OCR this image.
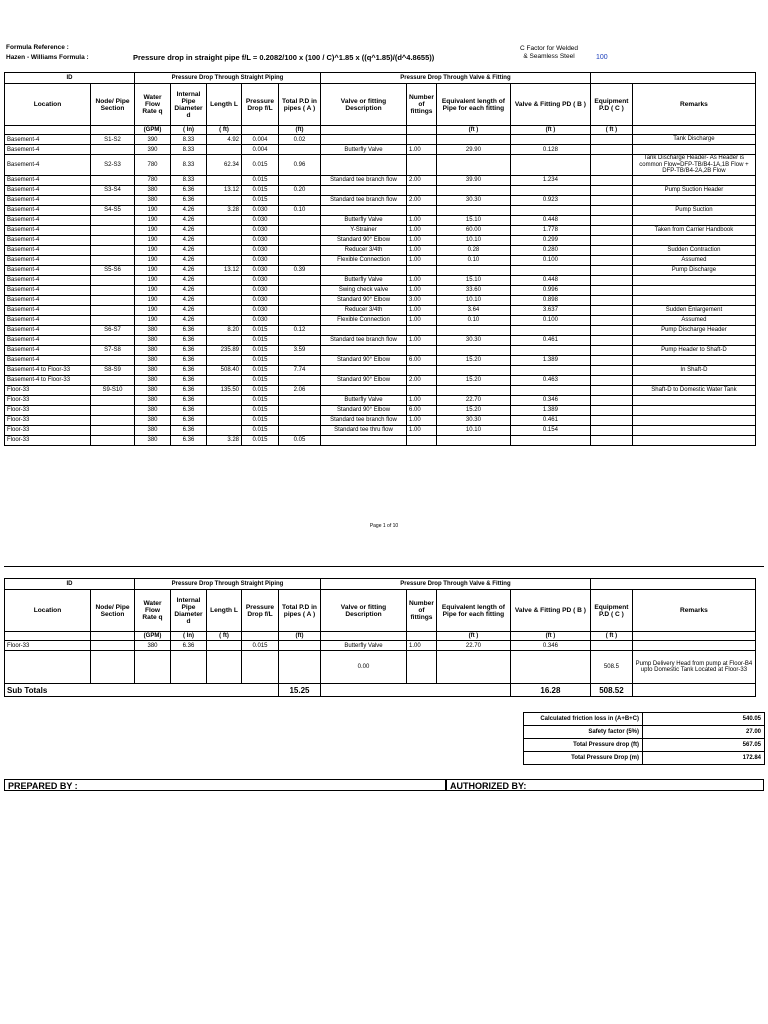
Formula Reference :
Hazen - Williams Formula :	Pressure drop in straight pipe f/L = 0.2082/100 x (100 / C)^1.85 x ((q^1.85)/(d^4.8655))
C Factor for Welded
& Seamless Steel	100
ID		Pressure Drop Through Straight Piping					Pressure Drop Through Valve & Fitting					
Location	Node/ Pipe Section	Water Flow Rate q	Internal Pipe Diameter d	Length L	Pressure Drop f/L	Total P.D in pipes ( A )	Valve or fitting Description	Number of fittings	Equivalent length of Pipe for each fitting	Valve & Fitting PD ( B )	Equipment P.D ( C )	Remarks
		(GPM)	( In)	( ft)		(ft)			(ft )	(ft )	( ft )	
Basement-4	S1-S2	390	8.33	4.92	0.004	0.02						Tank Discharge
Basement-4		390	8.33		0.004		Butterfly Valve	1.00	29.90	0.128		
Basement-4	S2-S3	780	8.33	62.34	0.015	0.96						Tank Discharge Header- As Header is common Flow=DFP-TB/B4-1A,1B Flow + DFP-TB/B4-2A,2B Flow
Basement-4		780	8.33		0.015		Standard tee branch flow	2.00	39.90	1.234		
Basement-4	S3-S4	380	6.36	13.12	0.015	0.20						Pump Suction Header
Basement-4		380	6.36		0.015		Standard tee branch flow	2.00	30.30	0.923		
Basement-4	S4-S5	190	4.26	3.28	0.030	0.10						Pump Suction
Basement-4		190	4.26		0.030		Butterfly Valve	1.00	15.10	0.448		
Basement-4		190	4.26		0.030		Y-Strainer	1.00	60.00	1.778		Taken from Carrier Handbook
Basement-4		190	4.26		0.030		Standard 90° Elbow	1.00	10.10	0.299		
Basement-4		190	4.26		0.030		Reducer 3/4th	1.00	0.28	0.280		Sudden Contraction
Basement-4		190	4.26		0.030		Flexible Connection	1.00	0.10	0.100		Assumed
Basement-4	S5-S6	190	4.26	13.12	0.030	0.39						Pump Discharge
Basement-4		190	4.26		0.030		Butterfly Valve	1.00	15.10	0.448		
Basement-4		190	4.26		0.030		Swing check valve	1.00	33.60	0.996		
Basement-4		190	4.26		0.030		Standard 90° Elbow	3.00	10.10	0.898		
Basement-4		190	4.26		0.030		Reducer 3/4th	1.00	3.64	3.637		Sudden Enlargement
Basement-4		190	4.26		0.030		Flexible Connection	1.00	0.10	0.100		Assumed
Basement-4	S6-S7	380	6.36	8.20	0.015	0.12						Pump Discharge Header
Basement-4		380	6.36		0.015		Standard tee branch flow	1.00	30.30	0.461		
Basement-4	S7-S8	380	6.36	235.89	0.015	3.59						Pump Header to Shaft-D
Basement-4		380	6.36		0.015		Standard 90° Elbow	6.00	15.20	1.389		
Basement-4 to Floor-33	S8-S9	380	6.36	508.40	0.015	7.74						In Shaft-D
Basement-4 to Floor-33		380	6.36		0.015		Standard 90° Elbow	2.00	15.20	0.463		
Floor-33	S9-S10	380	6.36	135.50	0.015	2.06						Shaft-D to Domestic Water Tank
Floor-33		380	6.36		0.015		Butterfly Valve	1.00	22.70	0.346		
Floor-33		380	6.36		0.015		Standard 90° Elbow	6.00	15.20	1.389		
Floor-33		380	6.36		0.015		Standard tee branch flow	1.00	30.30	0.461		
Floor-33		380	6.36		0.015		Standard tee thru flow	1.00	10.10	0.154		
Floor-33		380	6.36	3.28	0.015	0.05						
Page 1 of 10
ID		Pressure Drop Through Straight Piping					Pressure Drop Through Valve & Fitting					
Location	Node/ Pipe Section	Water Flow Rate q	Internal Pipe Diameter d	Length L	Pressure Drop f/L	Total P.D in pipes ( A )	Valve or fitting Description	Number of fittings	Equivalent length of Pipe for each fitting	Valve & Fitting PD ( B )	Equipment P.D ( C )	Remarks
		(GPM)	( In)	( ft)		(ft)			(ft )	(ft )	( ft )	
Floor-33		380	6.36		0.015		Butterfly Valve	1.00	22.70	0.346		
							0.00				508.5	Pump Delivery Head from pump at Floor-B4 upto Domestic Tank Located at Floor-33
Sub Totals						15.25				16.28	508.52	
Calculated friction loss in (A+B+C)	540.05
Safety factor (5%)	27.00
Total Pressure drop (ft)	567.05
Total Pressure Drop (m)	172.84
PREPARED BY :	AUTHORIZED BY:
